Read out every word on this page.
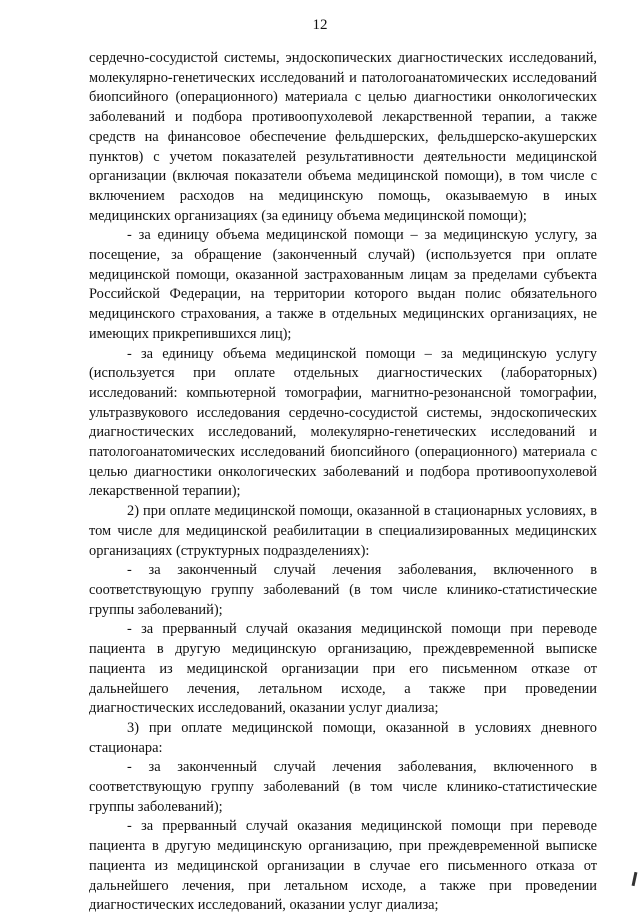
12

сердечно-сосудистой системы, эндоскопических диагностических исследований, молекулярно-генетических исследований и патологоанатомических исследований биопсийного (операционного) материала с целью диагностики онкологических заболеваний и подбора противоопухолевой лекарственной терапии, а также средств на финансовое обеспечение фельдшерских, фельдшерско-акушерских пунктов) с учетом показателей результативности деятельности медицинской организации (включая показатели объема медицинской помощи), в том числе с включением расходов на медицинскую помощь, оказываемую в иных медицинских организациях (за единицу объема медицинской помощи);

- за единицу объема медицинской помощи – за медицинскую услугу, за посещение, за обращение (законченный случай) (используется при оплате медицинской помощи, оказанной застрахованным лицам за пределами субъекта Российской Федерации, на территории которого выдан полис обязательного медицинского страхования, а также в отдельных медицинских организациях, не имеющих прикрепившихся лиц);

- за единицу объема медицинской помощи – за медицинскую услугу (используется при оплате отдельных диагностических (лабораторных) исследований: компьютерной томографии, магнитно-резонансной томографии, ультразвукового исследования сердечно-сосудистой системы, эндоскопических диагностических исследований, молекулярно-генетических исследований и патологоанатомических исследований биопсийного (операционного) материала с целью диагностики онкологических заболеваний и подбора противоопухолевой лекарственной терапии);

2) при оплате медицинской помощи, оказанной в стационарных условиях, в том числе для медицинской реабилитации в специализированных медицинских организациях (структурных подразделениях):

- за законченный случай лечения заболевания, включенного в соответствующую группу заболеваний (в том числе клинико-статистические группы заболеваний);

- за прерванный случай оказания медицинской помощи при переводе пациента в другую медицинскую организацию, преждевременной выписке пациента из медицинской организации при его письменном отказе от дальнейшего лечения, летальном исходе, а также при проведении диагностических исследований, оказании услуг диализа;

3) при оплате медицинской помощи, оказанной в условиях дневного стационара:

- за законченный случай лечения заболевания, включенного в соответствующую группу заболеваний (в том числе клинико-статистические группы заболеваний);

- за прерванный случай оказания медицинской помощи при переводе пациента в другую медицинскую организацию, при преждевременной выписке пациента из медицинской организации в случае его письменного отказа от дальнейшего лечения, при летальном исходе, а также при проведении диагностических исследований, оказании услуг диализа;
